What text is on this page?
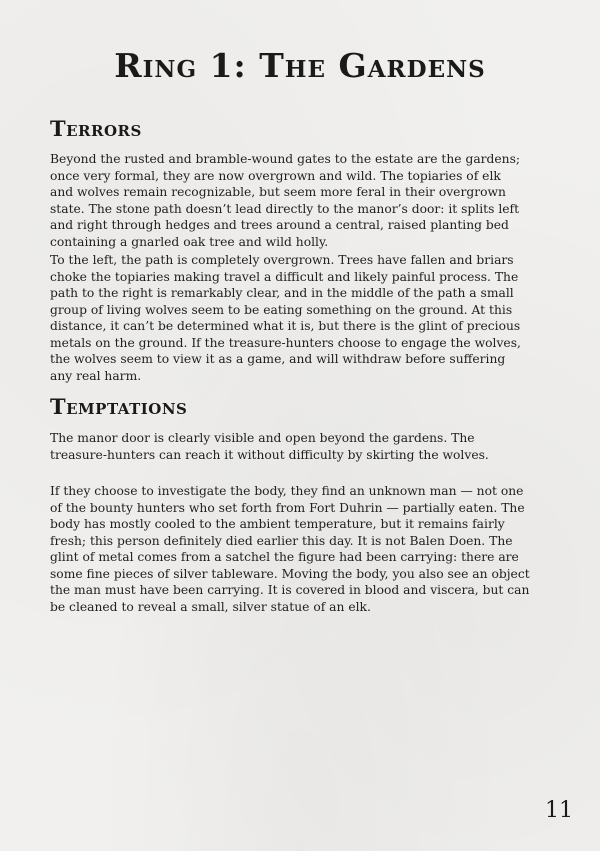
Ring 1: The Gardens
Terrors

Beyond the rusted and bramble-wound gates to the estate are the gardens;
once very formal, they are now overgrown and wild. The topiaries of elk
and wolves remain recognizable, but seem more feral in their overgrown
state. The stone path doesn’t lead directly to the manor’s door: it splits left
and right through hedges and trees around a central, raised planting bed
containing a gnarled oak tree and wild holly.

To the left, the path is completely overgrown. Trees have fallen and briars
choke the topiaries making travel a difficult and likely painful process. The
path to the right is remarkably clear, and in the middle of the path a small
group of living wolves seem to be eating something on the ground. At this
distance, it can’t be determined what it is, but there is the glint of precious
metals on the ground. If the treasure-hunters choose to engage the wolves,
the wolves seem to view it as a game, and will withdraw before suffering
any real harm.

Temptations

The manor door is clearly visible and open beyond the gardens. The
treasure-hunters can reach it without difficulty by skirting the wolves.

If they choose to investigate the body, they find an unknown man — not one
of the bounty hunters who set forth from Fort Duhrin — partially eaten. The
body has mostly cooled to the ambient temperature, but it remains fairly
fresh; this person definitely died earlier this day. It is not Balen Doen. The
glint of metal comes from a satchel the figure had been carrying: there are
some fine pieces of silver tableware. Moving the body, you also see an object
the man must have been carrying. It is covered in blood and viscera, but can
be cleaned to reveal a small, silver statue of an elk.

11
